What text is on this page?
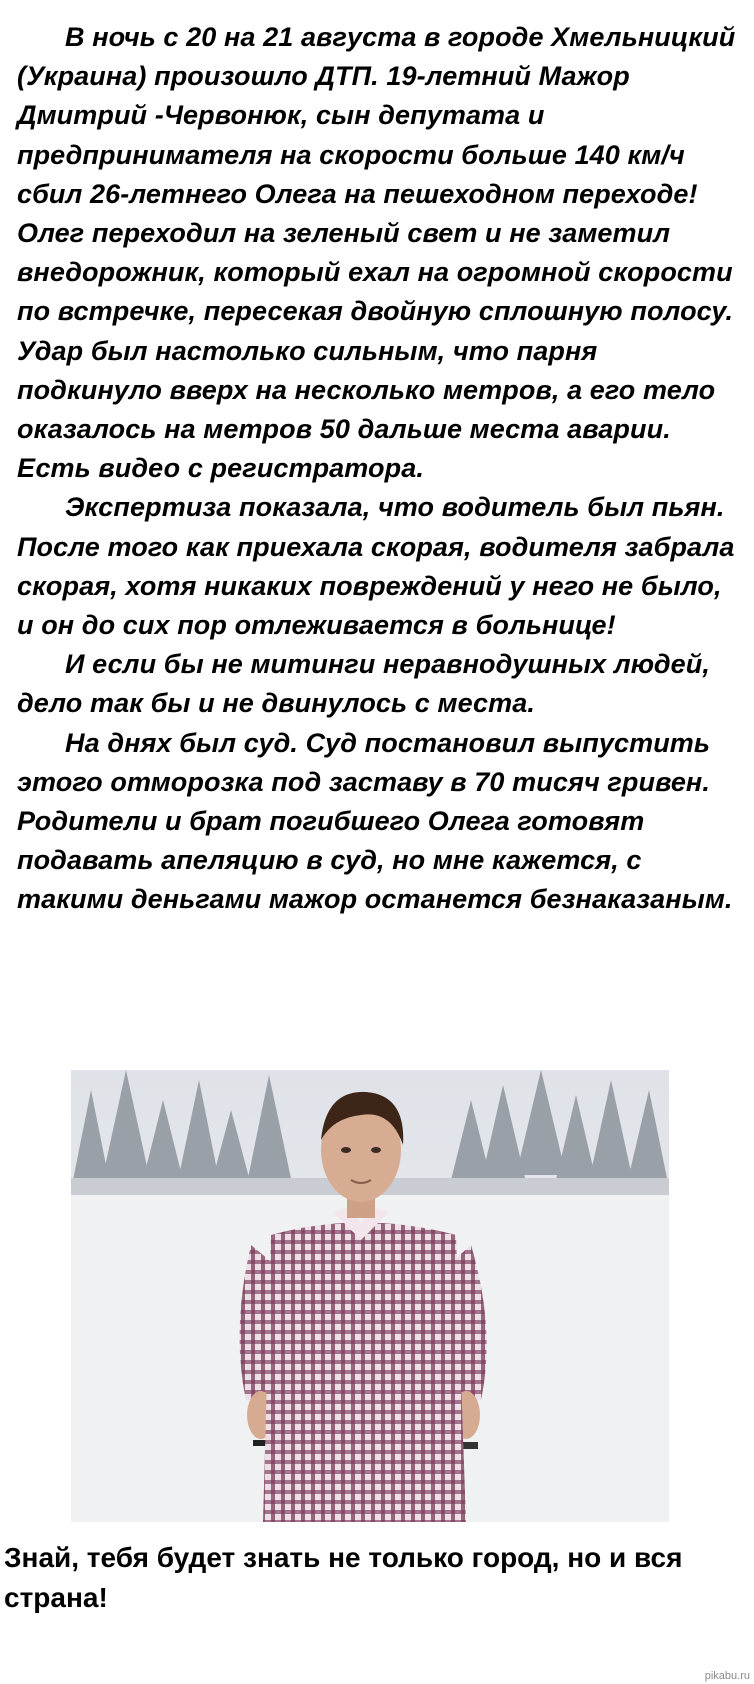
В ночь с 20 на 21 августа в городе Хмельницкий (Украина) произошло ДТП. 19-летний Мажор Дмитрий -Червонюк, сын депутата и предпринимателя на скорости больше 140 км/ч сбил 26-летнего Олега на пешеходном переходе! Олег переходил на зеленый свет и не заметил внедорожник, который ехал на огромной скорости по встречке, пересекая двойную сплошную полосу. Удар был настолько сильным, что парня подкинуло вверх на несколько метров, а его тело оказалось на метров 50 дальше места аварии. Есть видео с регистратора.

Экспертиза показала, что водитель был пьян. После того как приехала скорая, водителя забрала скорая, хотя никаких повреждений у него не было, и он до сих пор отлеживается в больнице!

И если бы не митинги неравнодушных людей, дело так бы и не двинулось с места.

На днях был суд. Суд постановил выпустить этого отморозка под заставу в 70 тисяч гривен. Родители и брат погибшего Олега готовят подавать апеляцию в суд, но мне кажется, с такими деньгами мажор останется безнаказаным.

Знай, тебя будет знать не только город, но и вся страна!
pikabu.ru
